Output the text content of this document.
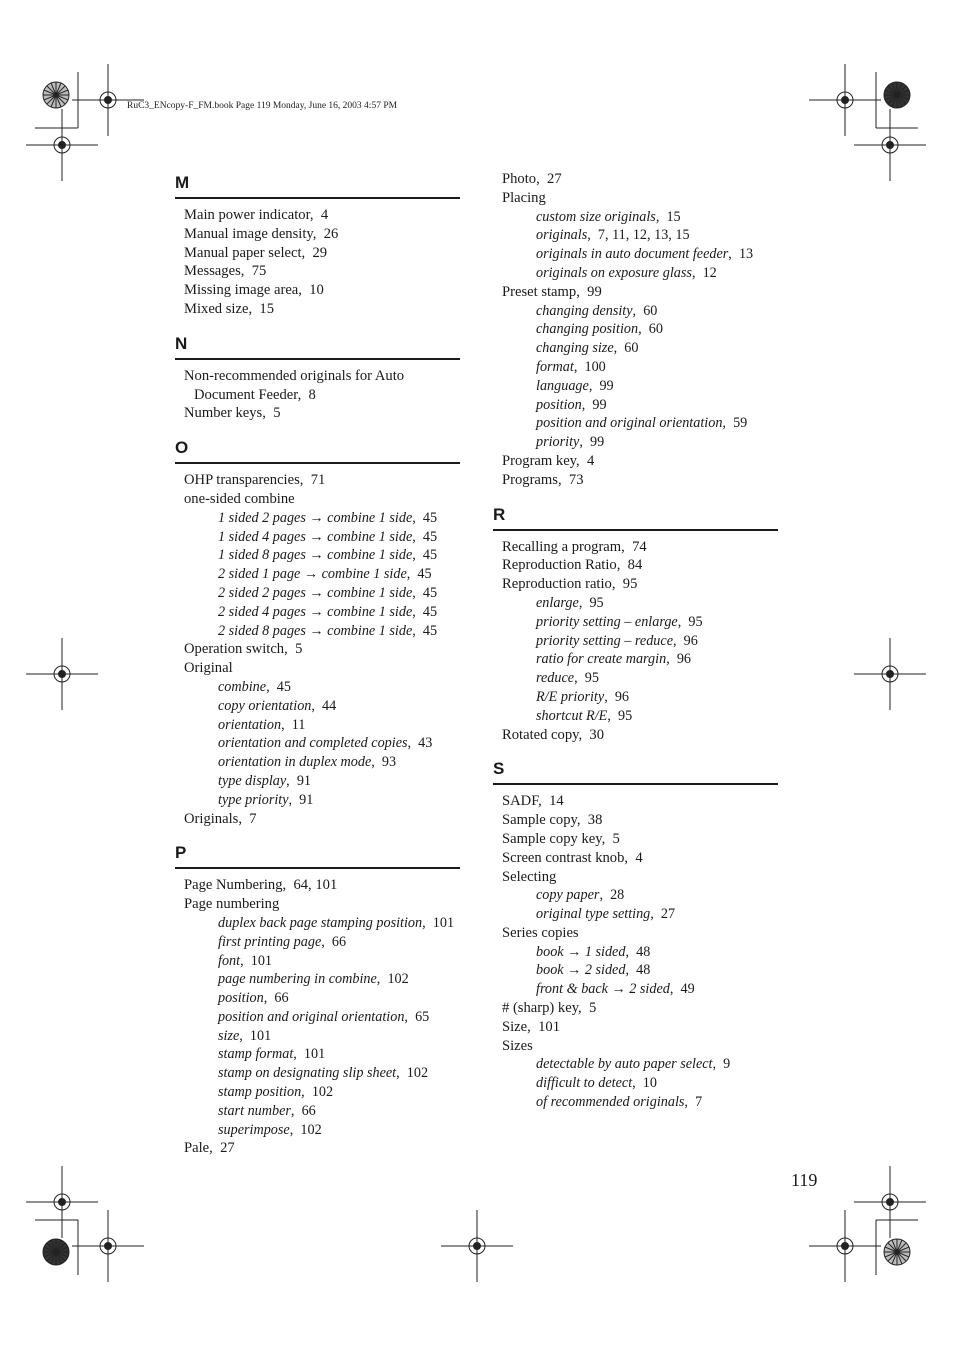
RuC3_ENcopy-F_FM.book Page 119 Monday, June 16, 2003 4:57 PM
M
Main power indicator ,  4
Manual image density ,  26
Manual paper select ,  29
Messages ,  75
Missing image area ,  10
Mixed size ,  15
N
Non-recommended originals for Auto
Document Feeder ,  8
Number keys ,  5
O
OHP transparencies ,  71
one-sided combine
1 sided 2 pages → combine 1 side ,  45
1 sided 4 pages → combine 1 side ,  45
1 sided 8 pages → combine 1 side ,  45
2 sided 1 page → combine 1 side ,  45
2 sided 2 pages → combine 1 side ,  45
2 sided 4 pages → combine 1 side ,  45
2 sided 8 pages → combine 1 side ,  45
Operation switch ,  5
Original
combine ,  45
copy orientation ,  44
orientation ,  11
orientation and completed copies ,  43
orientation in duplex mode ,  93
type display ,  91
type priority ,  91
Originals ,  7
P
Page Numbering ,  64, 101
Page numbering
duplex back page stamping position ,  101
first printing page ,  66
font ,  101
page numbering in combine ,  102
position ,  66
position and original orientation ,  65
size ,  101
stamp format ,  101
stamp on designating slip sheet ,  102
stamp position ,  102
start number ,  66
superimpose ,  102
Pale ,  27
Photo ,  27
Placing
custom size originals ,  15
originals ,  7, 11, 12, 13, 15
originals in auto document feeder ,  13
originals on exposure glass ,  12
Preset stamp ,  99
changing density ,  60
changing position ,  60
changing size ,  60
format ,  100
language ,  99
position ,  99
position and original orientation ,  59
priority ,  99
Program key ,  4
Programs ,  73
R
Recalling a program ,  74
Reproduction Ratio ,  84
Reproduction ratio ,  95
enlarge ,  95
priority setting – enlarge ,  95
priority setting – reduce ,  96
ratio for create margin ,  96
reduce ,  95
R/E priority ,  96
shortcut R/E ,  95
Rotated copy ,  30
S
SADF ,  14
Sample copy ,  38
Sample copy key ,  5
Screen contrast knob ,  4
Selecting
copy paper ,  28
original type setting ,  27
Series copies
book → 1 sided ,  48
book → 2 sided ,  48
front & back → 2 sided ,  49
# (sharp) key ,  5
Size ,  101
Sizes
detectable by auto paper select ,  9
difficult to detect ,  10
of recommended originals ,  7
119
